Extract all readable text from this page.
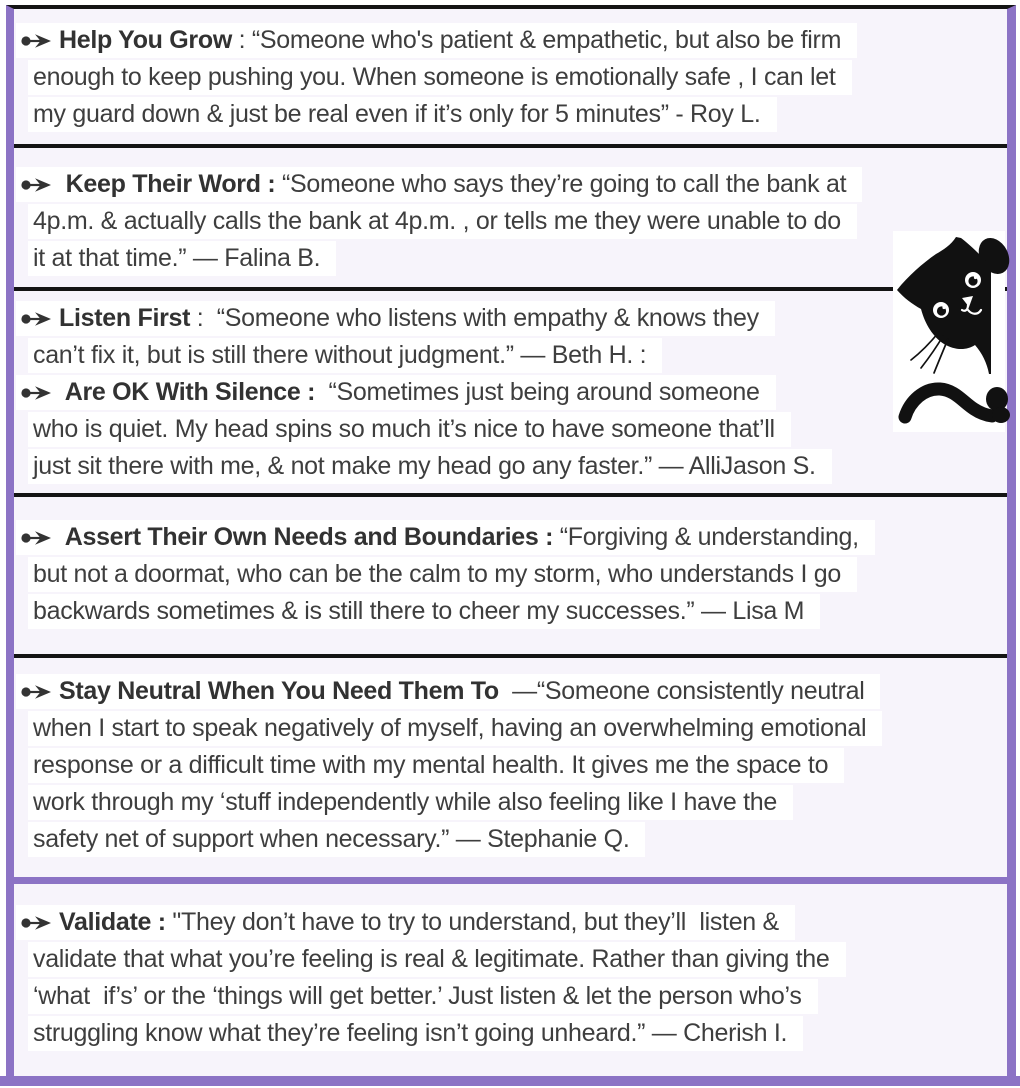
Help You Grow : “Someone who's patient & empathetic, but also be firm
enough to keep pushing you. When someone is emotionally safe , I can let
my guard down & just be real even if it’s only for 5 minutes” - Roy L.
Keep Their Word : “Someone who says they’re going to call the bank at
4p.m. & actually calls the bank at 4p.m. , or tells me they were unable to do
it at that time.” — Falina B.
Listen First :  “Someone who listens with empathy & knows they
can’t fix it, but is still there without judgment.” — Beth H. :
Are OK With Silence :  “Sometimes just being around someone
who is quiet. My head spins so much it’s nice to have someone that’ll
just sit there with me, & not make my head go any faster.” — AlliJason S.
Assert Their Own Needs and Boundaries : “Forgiving & understanding,
but not a doormat, who can be the calm to my storm, who understands I go
backwards sometimes & is still there to cheer my successes.” — Lisa M
Stay Neutral When You Need Them To  —“Someone consistently neutral
when I start to speak negatively of myself, having an overwhelming emotional
response or a difficult time with my mental health. It gives me the space to
work through my ‘stuff independently while also feeling like I have the
safety net of support when necessary.” — Stephanie Q.
Validate : "They don’t have to try to understand, but they’ll  listen &
validate that what you’re feeling is real & legitimate. Rather than giving the
‘what  if’s’ or the ‘things will get better.’ Just listen & let the person who’s
struggling know what they’re feeling isn’t going unheard.” — Cherish I.
